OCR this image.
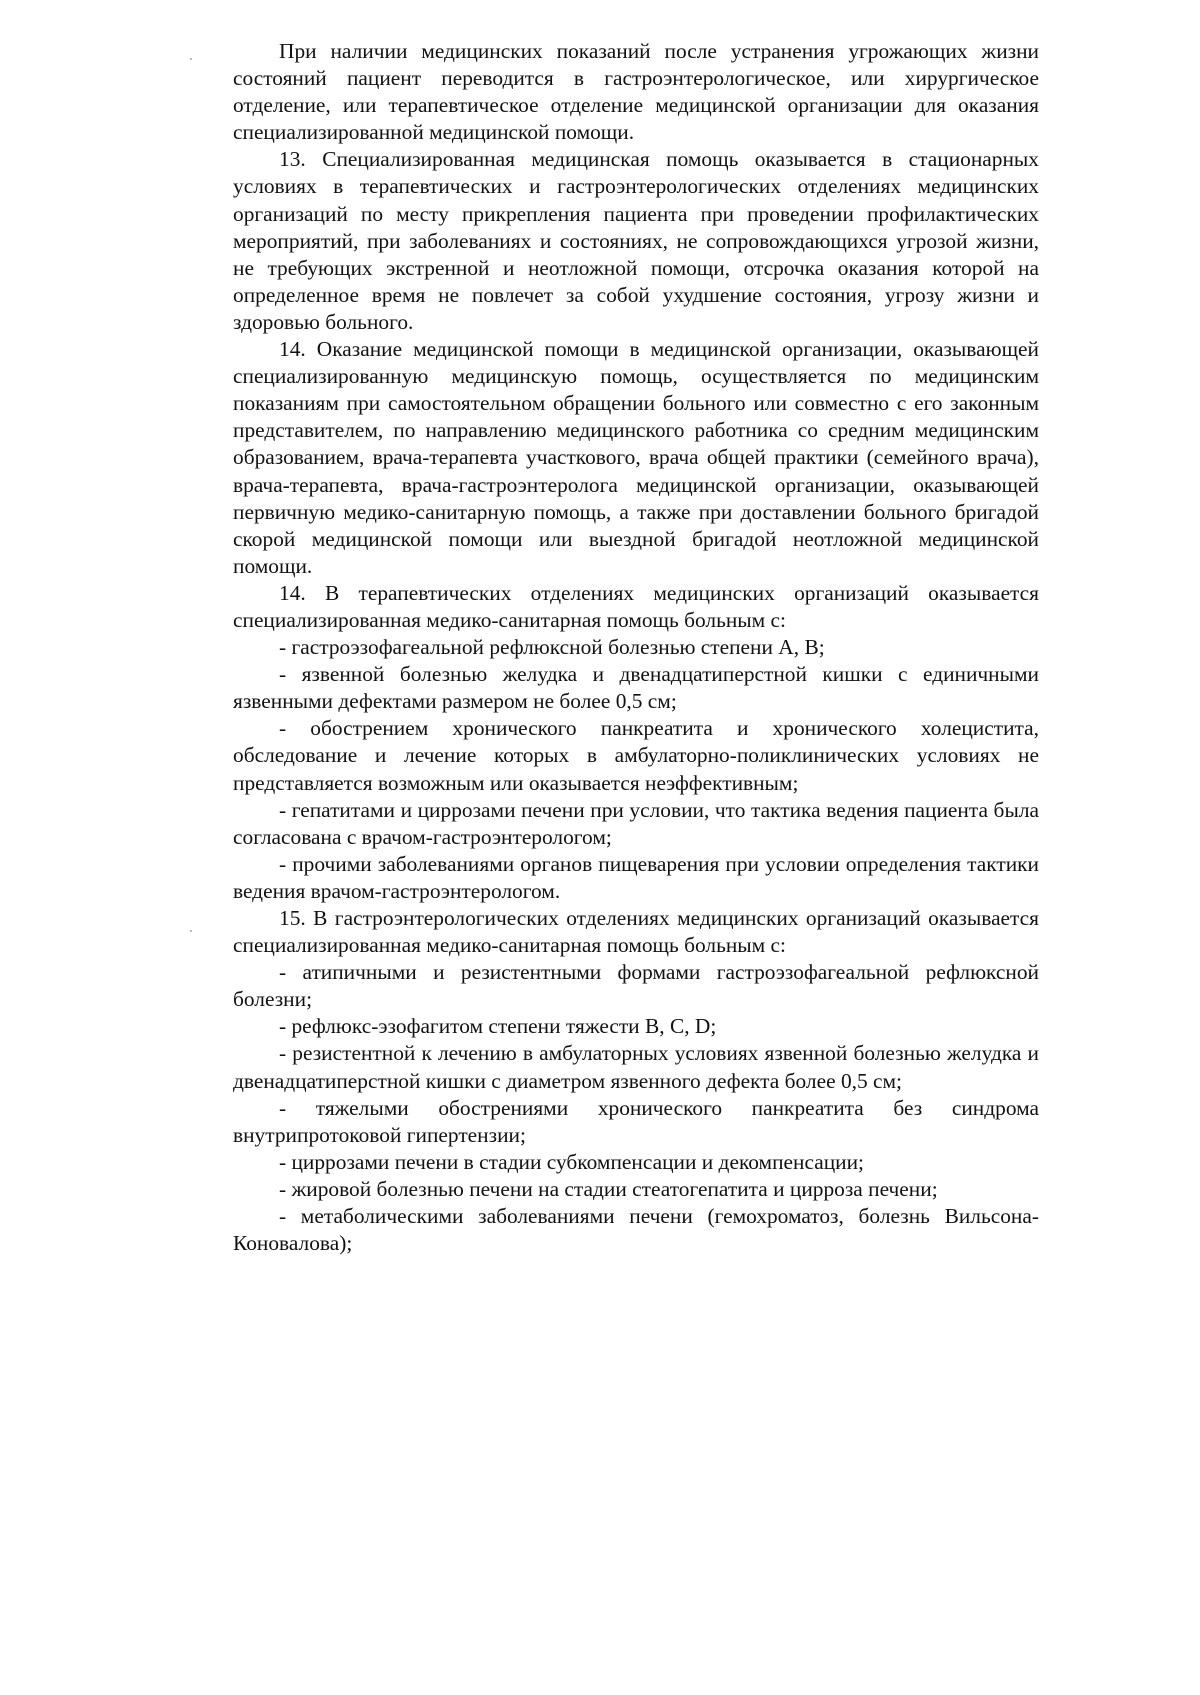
При наличии медицинских показаний после устранения угрожающих жизни состояний пациент переводится в гастроэнтерологическое, или хирургическое отделение, или терапевтическое отделение медицинской организации для оказания специализированной медицинской помощи.

13. Специализированная медицинская помощь оказывается в стационарных условиях в терапевтических и гастроэнтерологических отделениях медицинских организаций по месту прикрепления пациента при проведении профилактических мероприятий, при заболеваниях и состояниях, не сопровождающихся угрозой жизни, не требующих экстренной и неотложной помощи, отсрочка оказания которой на определенное время не повлечет за собой ухудшение состояния, угрозу жизни и здоровью больного.

14. Оказание медицинской помощи в медицинской организации, оказывающей специализированную медицинскую помощь, осуществляется по медицинским показаниям при самостоятельном обращении больного или совместно с его законным представителем, по направлению медицинского работника со средним медицинским образованием, врача-терапевта участкового, врача общей практики (семейного врача), врача-терапевта, врача-гастроэнтеролога медицинской организации, оказывающей первичную медико-санитарную помощь, а также при доставлении больного бригадой скорой медицинской помощи или выездной бригадой неотложной медицинской помощи.

14. В терапевтических отделениях медицинских организаций оказывается специализированная медико-санитарная помощь больным с:

- гастроэзофагеальной рефлюксной болезнью степени А, В;

- язвенной болезнью желудка и двенадцатиперстной кишки с единичными язвенными дефектами размером не более 0,5 см;

- обострением хронического панкреатита и хронического холецистита, обследование и лечение которых в амбулаторно-поликлинических условиях не представляется возможным или оказывается неэффективным;

- гепатитами и циррозами печени при условии, что тактика ведения пациента была согласована с врачом-гастроэнтерологом;

- прочими заболеваниями органов пищеварения при условии определения тактики ведения врачом-гастроэнтерологом.

15. В гастроэнтерологических отделениях медицинских организаций оказывается специализированная медико-санитарная помощь больным с:

- атипичными и резистентными формами гастроэзофагеальной рефлюксной болезни;

- рефлюкс-эзофагитом степени тяжести В, С, D;

- резистентной к лечению в амбулаторных условиях язвенной болезнью желудка и двенадцатиперстной кишки с диаметром язвенного дефекта более 0,5 см;

- тяжелыми обострениями хронического панкреатита без синдрома внутрипротоковой гипертензии;

- циррозами печени в стадии субкомпенсации и декомпенсации;

- жировой болезнью печени на стадии стеатогепатита и цирроза печени;

- метаболическими заболеваниями печени (гемохроматоз, болезнь Вильсона-Коновалова);
